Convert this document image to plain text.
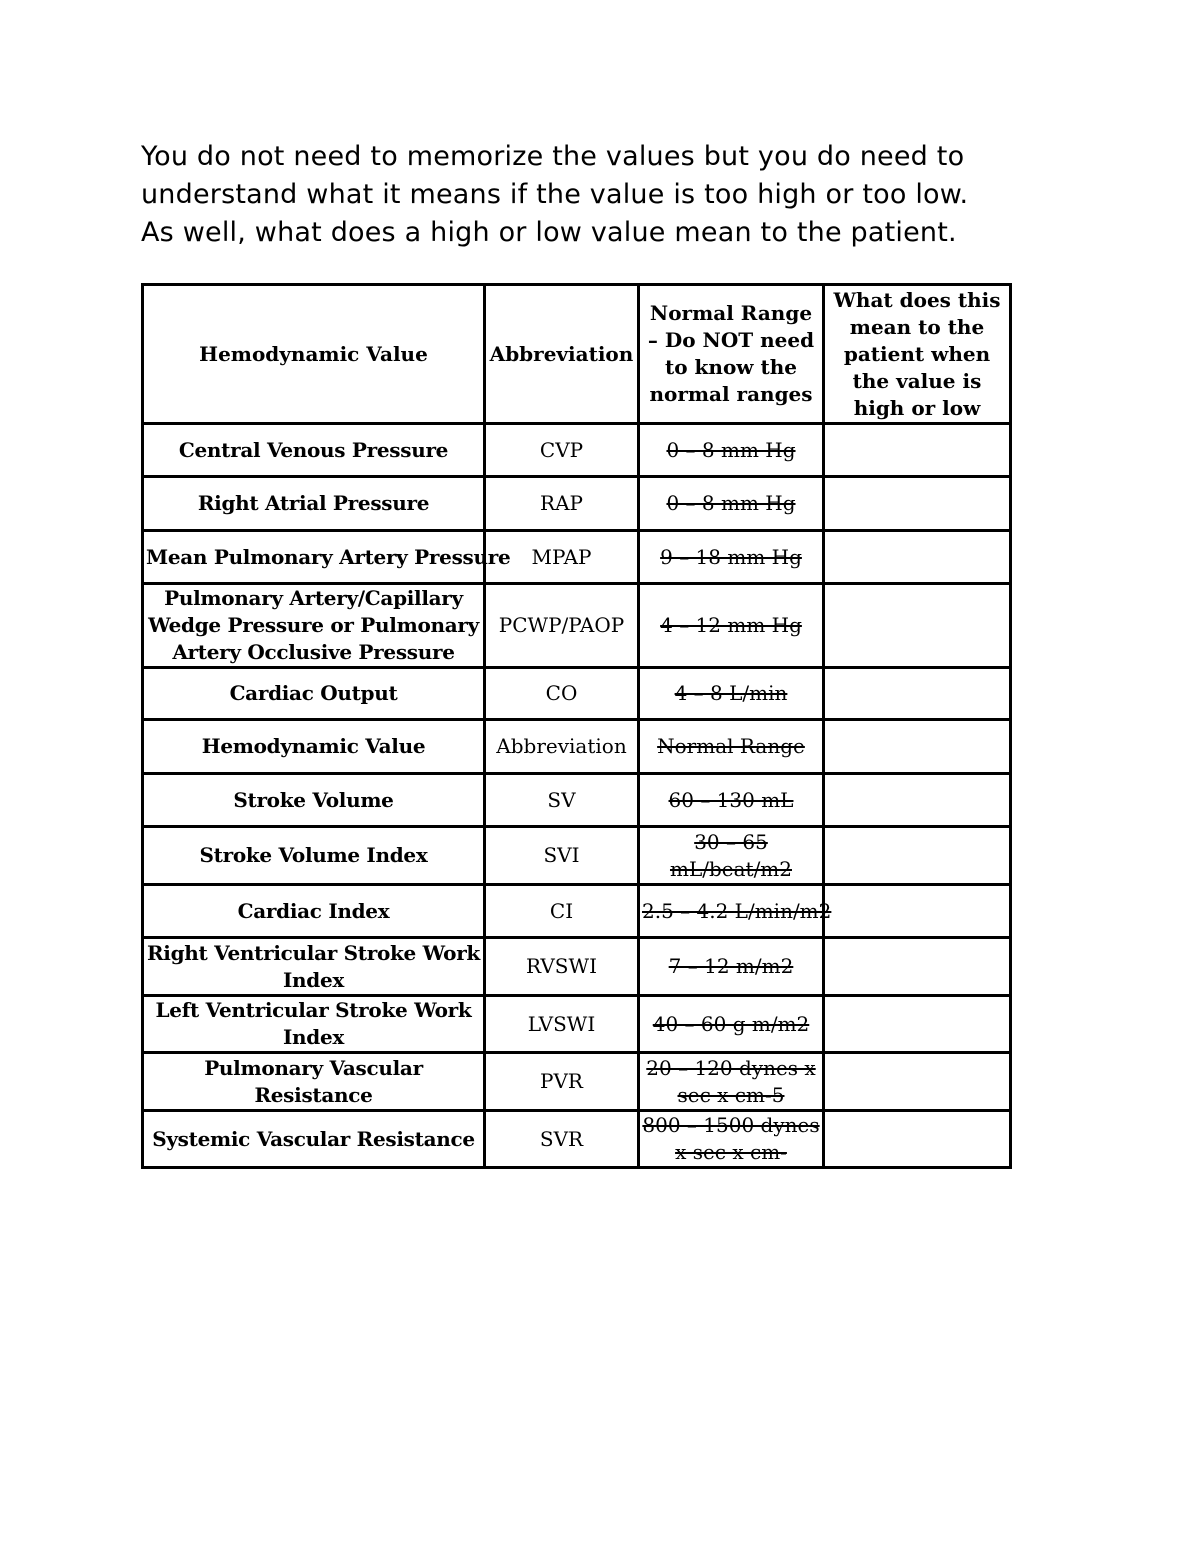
You do not need to memorize the values but you do need to
understand what it means if the value is too high or too low.
As well, what does a high or low value mean to the patient.

Hemodynamic Value	Abbreviation	Normal Range – Do NOT need to know the normal ranges	What does this mean to the patient when the value is high or low
Central Venous Pressure	CVP	0 – 8 mm Hg	
Right Atrial Pressure	RAP	0 – 8 mm Hg	
Mean Pulmonary Artery Pressure	MPAP	9 – 18 mm Hg	
Pulmonary Artery/Capillary Wedge Pressure or Pulmonary Artery Occlusive Pressure	PCWP/PAOP	4 – 12 mm Hg	
Cardiac Output	CO	4 – 8 L/min	
Hemodynamic Value	Abbreviation	Normal Range	
Stroke Volume	SV	60 – 130 mL	
Stroke Volume Index	SVI	30 – 65 mL/beat/m2	
Cardiac Index	CI	2.5 – 4.2 L/min/m2	
Right Ventricular Stroke Work Index	RVSWI	7 – 12 m/m2	
Left Ventricular Stroke Work Index	LVSWI	40 – 60 g m/m2	
Pulmonary Vascular Resistance	PVR	20 – 120 dynes x sec x cm-5	
Systemic Vascular Resistance	SVR	800 – 1500 dynes x sec x cm-	
